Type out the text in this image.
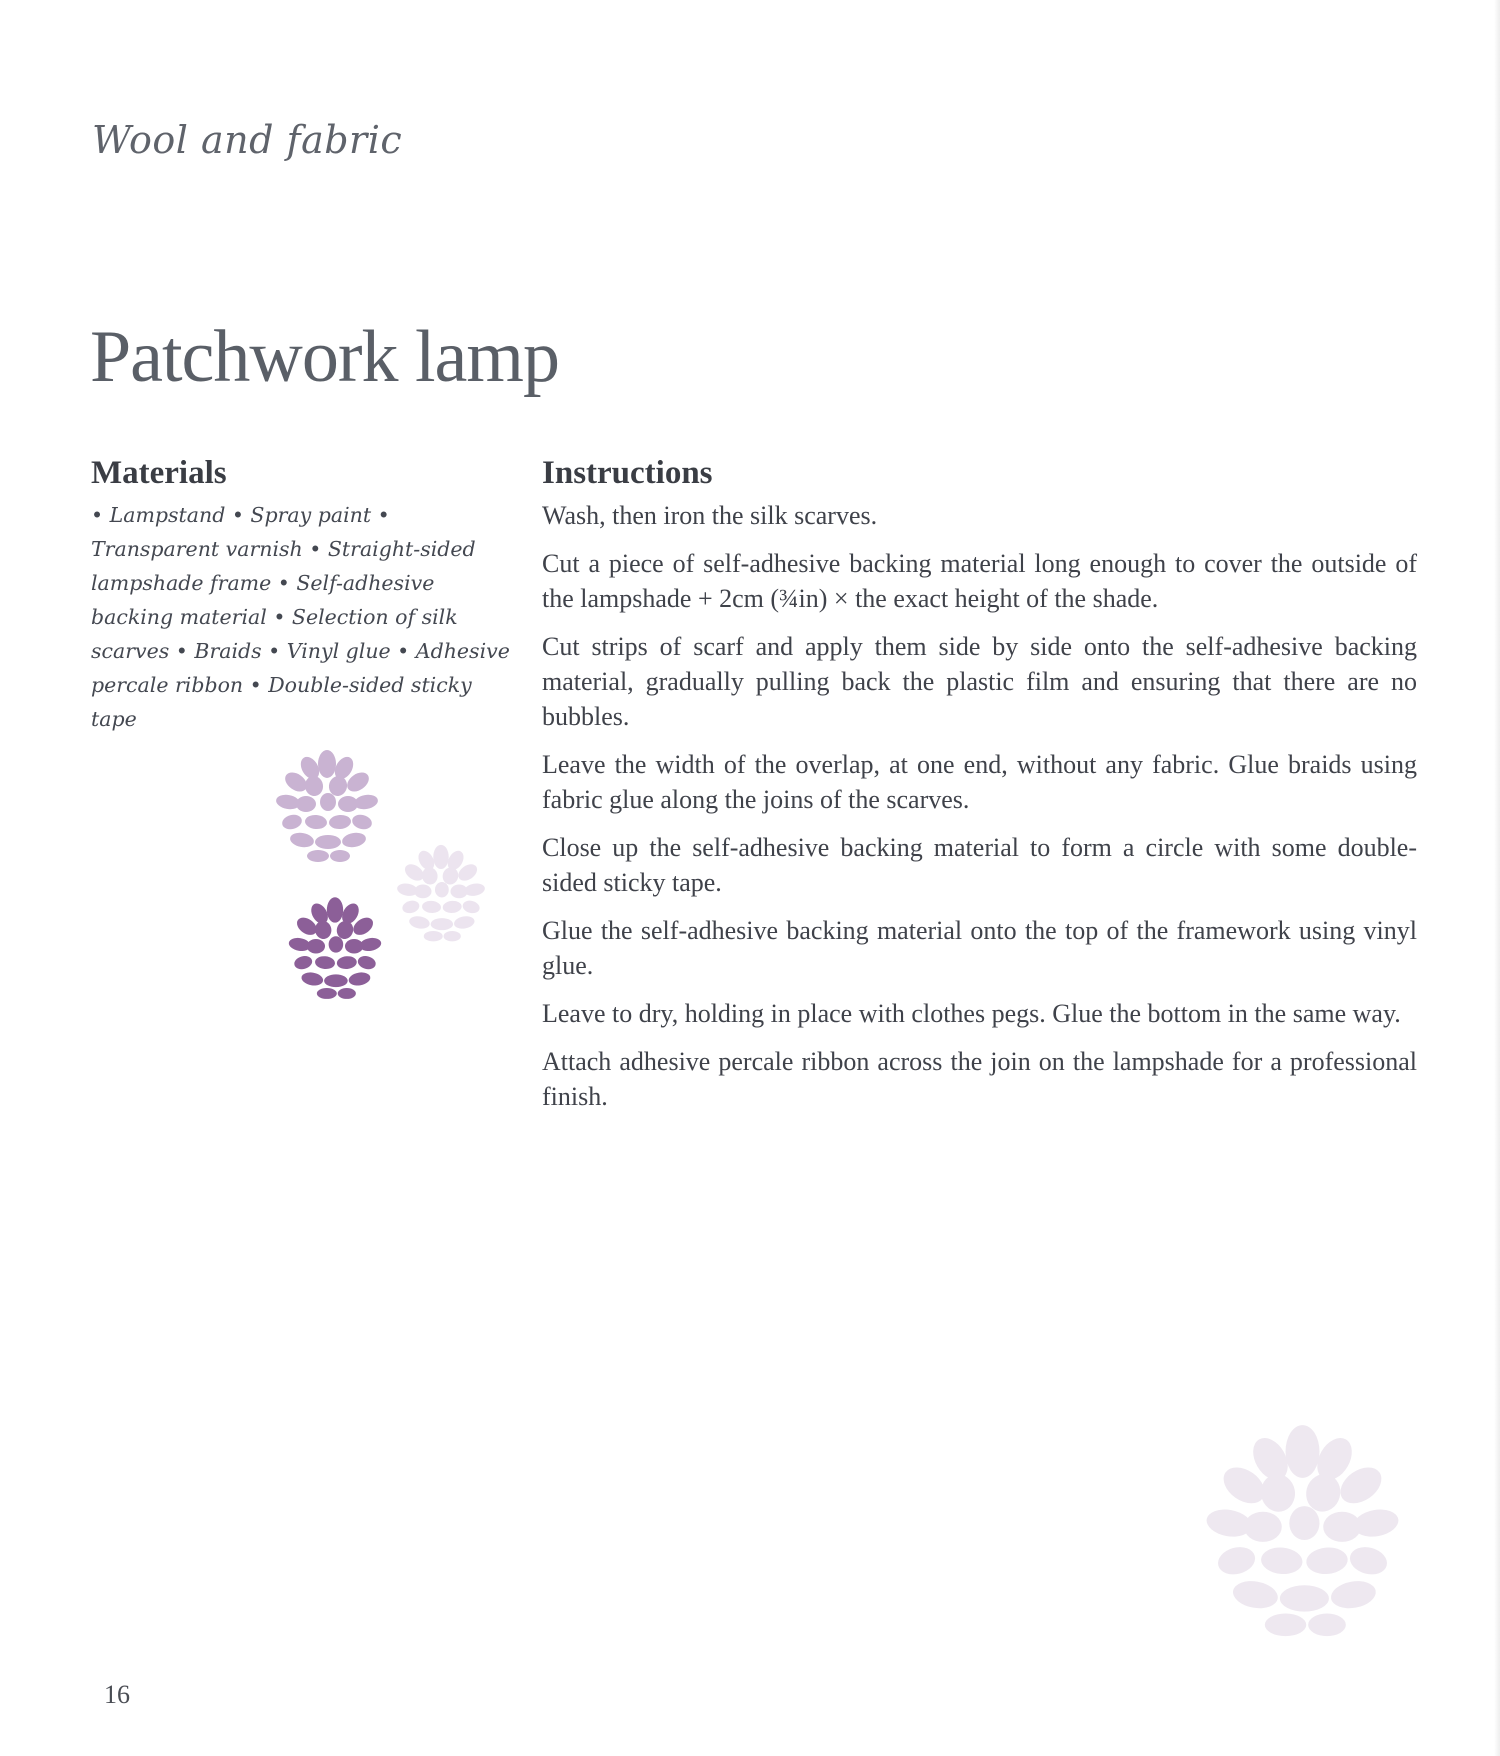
Wool and fabric

Patchwork lamp
Materials

• Lampstand • Spray paint • Transparent varnish • Straight-sided lampshade frame • Self-adhesive backing material • Selection of silk scarves • Braids • Vinyl glue • Adhesive percale ribbon • Double-sided sticky tape

Instructions

Wash, then iron the silk scarves.

Cut a piece of self-adhesive backing material long enough to cover the outside of the lampshade + 2cm (¾in) × the exact height of the shade.

Cut strips of scarf and apply them side by side onto the self-adhesive backing material, gradually pulling back the plastic film and ensuring that there are no bubbles.

Leave the width of the overlap, at one end, without any fabric. Glue braids using fabric glue along the joins of the scarves.

Close up the self-adhesive backing material to form a circle with some double-sided sticky tape.

Glue the self-adhesive backing material onto the top of the framework using vinyl glue.

Leave to dry, holding in place with clothes pegs. Glue the bottom in the same way.

Attach adhesive percale ribbon across the join on the lampshade for a professional finish.

16
